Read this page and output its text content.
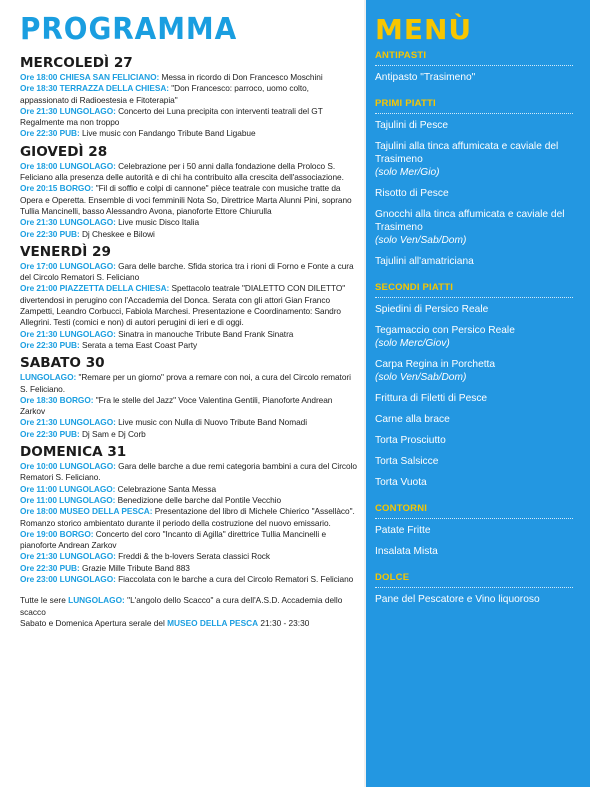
PROGRAMMA
MERCOLEDÌ 27
Ore 18:00 CHIESA SAN FELICIANO: Messa in ricordo di Don Francesco Moschini
Ore 18:30 TERRAZZA DELLA CHIESA: "Don Francesco: parroco, uomo colto, appassionato di Radioestesia e Fitoterapia"
Ore 21:30 LUNGOLAGO: Concerto dei Luna precipita con interventi teatrali del GT Regalmente ma non troppo
Ore 22:30 PUB: Live music con Fandango Tribute Band Ligabue
GIOVEDÌ 28
Ore 18:00 LUNGOLAGO: Celebrazione per i 50 anni dalla fondazione della Proloco S. Feliciano alla presenza delle autorità e di chi ha contribuito alla crescita dell'associazione.
Ore 20:15 BORGO: "Fil di soffio e colpi di cannone" pièce teatrale con musiche tratte da Opera e Operetta. Ensemble di voci femminili Nota So, Direttrice Marta Alunni Pini, soprano Tullia Mancinelli, basso Alessandro Avona, pianoforte Ettore Chiurulla
Ore 21:30 LUNGOLAGO: Live music Disco Italia
Ore 22:30 PUB: Dj Cheskee e Bilowi
VENERDÌ 29
Ore 17:00 LUNGOLAGO: Gara delle barche. Sfida storica tra i rioni di Forno e Fonte a cura del Circolo Rematori S. Feliciano
Ore 21:00 PIAZZETTA DELLA CHIESA: Spettacolo teatrale "DIALETTO CON DILETTO" divertendosi in perugino con l'Accademia del Donca. Serata con gli attori Gian Franco Zampetti, Leandro Corbucci, Fabiola Marchesi. Presentazione e Coordinamento: Sandro Allegrini. Testi (comici e non) di autori perugini di ieri e di oggi.
Ore 21:30 LUNGOLAGO: Sinatra in manouche Tribute Band Frank Sinatra
Ore 22:30 PUB: Serata a tema East Coast Party
SABATO 30
LUNGOLAGO: "Remare per un giorno" prova a remare con noi, a cura del Circolo rematori S. Feliciano.
Ore 18:30 BORGO: "Fra le stelle del Jazz" Voce Valentina Gentili, Pianoforte Andrean Zarkov
Ore 21:30 LUNGOLAGO: Live music con Nulla di Nuovo Tribute Band Nomadi
Ore 22:30 PUB: Dj Sam e Dj Corb
DOMENICA 31
Ore 10:00 LUNGOLAGO: Gara delle barche a due remi categoria bambini a cura del Circolo Rematori S. Feliciano.
Ore 11:00 LUNGOLAGO: Celebrazione Santa Messa
Ore 11:00 LUNGOLAGO: Benedizione delle barche dal Pontile Vecchio
Ore 18:00 MUSEO DELLA PESCA: Presentazione del libro di Michele Chierico "Assellàco". Romanzo storico ambientato durante il periodo della costruzione del nuovo emissario.
Ore 19:00 BORGO: Concerto del coro "Incanto di Agilla" direttrice Tullia Mancinelli e pianoforte Andrean Zarkov
Ore 21:30 LUNGOLAGO: Freddi & the b-lovers Serata classici Rock
Ore 22:30 PUB: Grazie Mille Tribute Band 883
Ore 23:00 LUNGOLAGO: Fiaccolata con le barche a cura del Circolo Rematori S. Feliciano
Tutte le sere LUNGOLAGO: "L'angolo dello Scacco" a cura dell'A.S.D. Accademia dello scacco
Sabato e Domenica Apertura serale del MUSEO DELLA PESCA 21:30 - 23:30
MENÙ
ANTIPASTI
Antipasto "Trasimeno"
PRIMI PIATTI
Tajulini di Pesce
Tajulini alla tinca affumicata e caviale del Trasimeno
(solo Mer/Gio)
Risotto di Pesce
Gnocchi alla tinca affumicata e caviale del Trasimeno
(solo Ven/Sab/Dom)
Tajulini all'amatriciana
SECONDI PIATTI
Spiedini di Persico Reale
Tegamaccio con Persico Reale
(solo Merc/Giov)
Carpa Regina in Porchetta
(solo Ven/Sab/Dom)
Frittura di Filetti di Pesce
Carne alla brace
Torta Prosciutto
Torta Salsicce
Torta Vuota
CONTORNI
Patate Fritte
Insalata Mista
DOLCE
Pane del Pescatore e Vino liquoroso
